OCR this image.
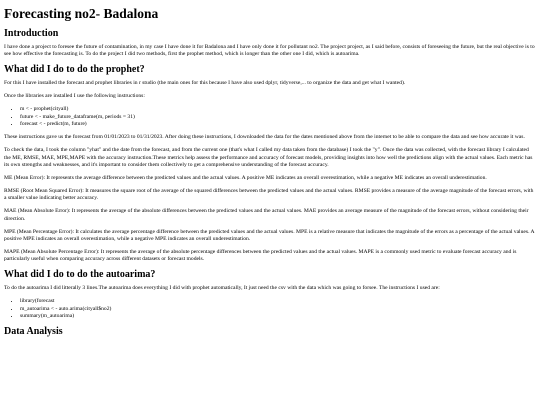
Forecasting no2- Badalona
Introduction

I have done a project to foresee the future of contamination, in my case I have done it for Badalona and I have only done it for pollutant no2. The project project, as I said before, consists of foreseeing the future, but the real objective is to see how effective the forecasting is. To do the project I did two methods, first the prophet method, which is longer than the other one I did, which is autoarima.

What did I do to do the prophet?

For this I have installed the forecast and prophet libraries in r studio (the main ones for this because I have also used dplyr, tidyverse,... to organize the data and get what I wanted).

Once the libraries are installed I use the following instructions:

• m < - prophet(cityall)
• future < - make_future_dataframe(m, periods = 31)
• forecast < - predict(m, future)

These instructions gave us the forecast from 01/01/2023 to 01/31/2023. After doing these instructions, I downloaded the data for the dates mentioned above from the internet to be able to compare the data and see how accurate it was.

To check the data, I took the column "yhat" and the date from the forecast, and from the current one (that's what I called my data taken from the database) I took the "y". Once the data was collected, with the forecast library I calculated the ME, RMSE, MAE, MPE,MAPE with the accuracy instruction.These metrics help assess the performance and accuracy of forecast models, providing insights into how well the predictions align with the actual values. Each metric has its own strengths and weaknesses, and it's important to consider them collectively to get a comprehensive understanding of the forecast accuracy.

ME (Mean Error): It represents the average difference between the predicted values and the actual values. A positive ME indicates an overall overestimation, while a negative ME indicates an overall underestimation.

RMSE (Root Mean Squared Error): It measures the square root of the average of the squared differences between the predicted values and the actual values. RMSE provides a measure of the average magnitude of the forecast errors, with a smaller value indicating better accuracy.

MAE (Mean Absolute Error): It represents the average of the absolute differences between the predicted values and the actual values. MAE provides an average measure of the magnitude of the forecast errors, without considering their direction.

MPE (Mean Percentage Error): It calculates the average percentage difference between the predicted values and the actual values. MPE is a relative measure that indicates the magnitude of the errors as a percentage of the actual values. A positive MPE indicates an overall overestimation, while a negative MPE indicates an overall underestimation.

MAPE (Mean Absolute Percentage Error): It represents the average of the absolute percentage differences between the predicted values and the actual values. MAPE is a commonly used metric to evaluate forecast accuracy and is particularly useful when comparing accuracy across different datasets or forecast models.

What did I do to do the autoarima?

To do the autoarima I did litterally 3 lines.The autoarima does everything I did with prophet automatically, It just need the csv with the data which was going to forsee. The instructions I used are:

• library(forecast
• m_autoarima < - auto.arima(cityall$no2)
• summary(m_autoarima)
Data Analysis
